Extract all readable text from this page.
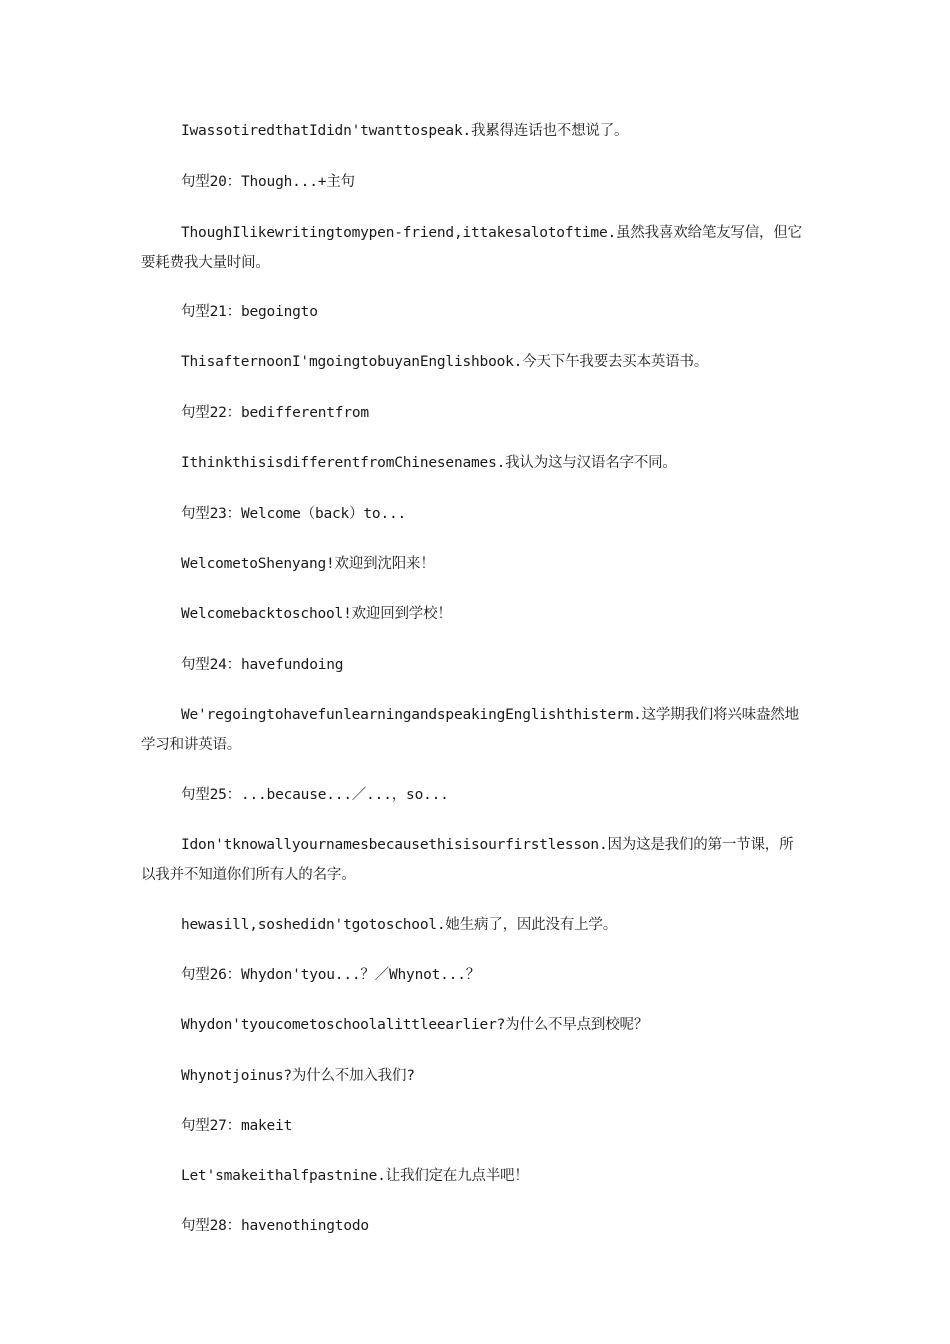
IwassotiredthatIdidn'twanttospeak.我累得连话也不想说了。

句型20：Though...+主句

ThoughIlikewritingtomypen-friend,ittakesalotoftime.虽然我喜欢给笔友写信，但它要耗费我大量时间。

句型21：begoingto

ThisafternoonI'mgoingtobuyanEnglishbook.今天下午我要去买本英语书。

句型22：bedifferentfrom

IthinkthisisdifferentfromChinesenames.我认为这与汉语名字不同。

句型23：Welcome（back）to...

WelcometoShenyang!欢迎到沈阳来！

Welcomebacktoschool!欢迎回到学校！

句型24：havefundoing

We'regoingtohavefunlearningandspeakingEnglishthisterm.这学期我们将兴味盎然地学习和讲英语。

句型25：...because...／...，so...

Idon'tknowallyournamesbecausethisisourfirstlesson.因为这是我们的第一节课，所以我并不知道你们所有人的名字。

hewasill,soshedidn'tgotoschool.她生病了，因此没有上学。

句型26：Whydon'tyou...？／Whynot...？

Whydon'tyoucometoschoolalittleearlier?为什么不早点到校呢？

Whynotjoinus?为什么不加入我们?

句型27：makeit

Let'smakeithalfpastnine.让我们定在九点半吧！

句型28：havenothingtodo
